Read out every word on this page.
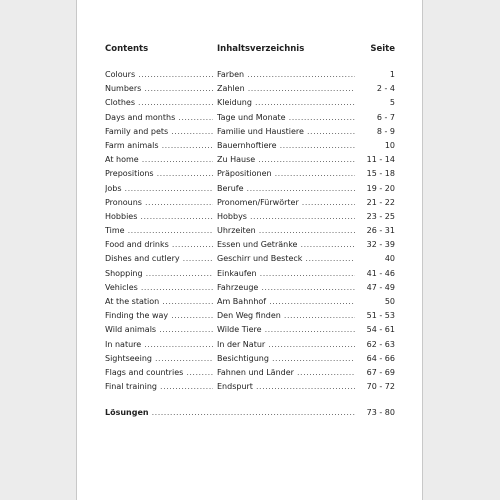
Contents	Inhaltsverzeichnis	Seite
Colours .....	Farben .....	1
Numbers .....	Zahlen .....	2 - 4
Clothes .....	Kleidung .....	5
Days and months .....	Tage und Monate .....	6 - 7
Family and pets .....	Familie und Haustiere .....	8 - 9
Farm animals .....	Bauernhoftiere .....	10
At home .....	Zu Hause .....	11 - 14
Prepositions .....	Präpositionen .....	15 - 18
Jobs .....	Berufe .....	19 - 20
Pronouns .....	Pronomen/Fürwörter .....	21 - 22
Hobbies .....	Hobbys .....	23 - 25
Time .....	Uhrzeiten .....	26 - 31
Food and drinks .....	Essen und Getränke .....	32 - 39
Dishes and cutlery .....	Geschirr und Besteck .....	40
Shopping .....	Einkaufen .....	41 - 46
Vehicles .....	Fahrzeuge .....	47 - 49
At the station .....	Am Bahnhof .....	50
Finding the way .....	Den Weg finden .....	51 - 53
Wild animals .....	Wilde Tiere .....	54 - 61
In nature .....	In der Natur .....	62 - 63
Sightseeing .....	Besichtigung .....	64 - 66
Flags and countries .....	Fahnen und Länder .....	67 - 69
Final training .....	Endspurt .....	70 - 72
Lösungen .....	73 - 80
